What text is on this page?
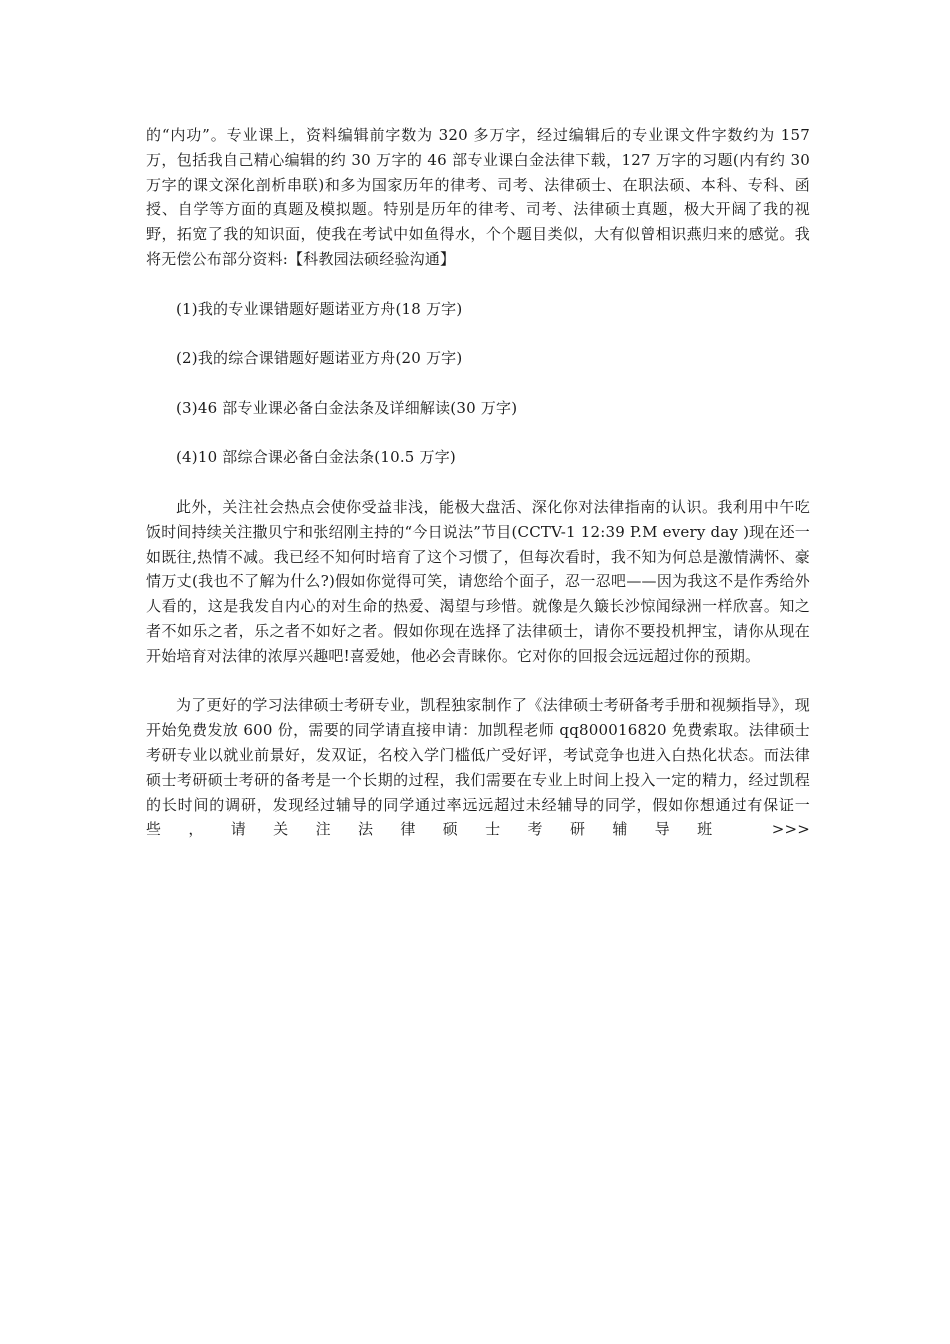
的“内功”。专业课上，资料编辑前字数为 320 多万字，经过编辑后的专业课文件字数约为 157 万，包括我自己精心编辑的约 30 万字的 46 部专业课白金法律下载，127 万字的习题(内有约 30 万字的课文深化剖析串联)和多为国家历年的律考、司考、法律硕士、在职法硕、本科、专科、函授、自学等方面的真题及模拟题。特别是历年的律考、司考、法律硕士真题，极大开阔了我的视野，拓宽了我的知识面，使我在考试中如鱼得水，个个题目类似，大有似曾相识燕归来的感觉。我将无偿公布部分资料:【科教园法硕经验沟通】

(1)我的专业课错题好题诺亚方舟(18 万字)

(2)我的综合课错题好题诺亚方舟(20 万字)

(3)46 部专业课必备白金法条及详细解读(30 万字)

(4)10 部综合课必备白金法条(10.5 万字)

此外，关注社会热点会使你受益非浅，能极大盘活、深化你对法律指南的认识。我利用中午吃饭时间持续关注撒贝宁和张绍刚主持的“今日说法”节目(CCTV-1 12:39 P.M every day )现在还一如既往,热情不减。我已经不知何时培育了这个习惯了，但每次看时，我不知为何总是激情满怀、豪情万丈(我也不了解为什么?)假如你觉得可笑，请您给个面子，忍一忍吧——因为我这不是作秀给外人看的，这是我发自内心的对生命的热爱、渴望与珍惜。就像是久簸长沙惊闻绿洲一样欣喜。知之者不如乐之者，乐之者不如好之者。假如你现在选择了法律硕士，请你不要投机押宝，请你从现在开始培育对法律的浓厚兴趣吧!喜爱她，他必会青睐你。它对你的回报会远远超过你的预期。

为了更好的学习法律硕士考研专业，凯程独家制作了《法律硕士考研备考手册和视频指导》，现开始免费发放 600 份，需要的同学请直接申请：加凯程老师 qq800016820 免费索取。法律硕士考研专业以就业前景好，发双证，名校入学门槛低广受好评，考试竞争也进入白热化状态。而法律硕士考研硕士考研的备考是一个长期的过程，我们需要在专业上时间上投入一定的精力，经过凯程的长时间的调研，发现经过辅导的同学通过率远远超过未经辅导的同学，假如你想通过有保证一些，请关注法律硕士考研辅导班 >>>
